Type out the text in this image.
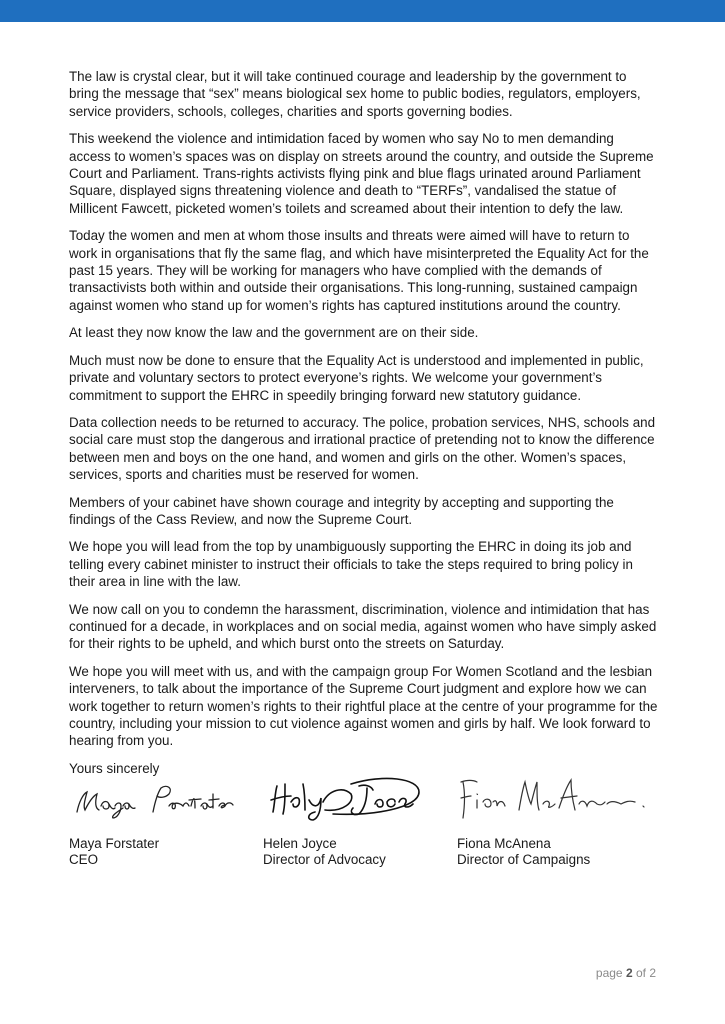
The law is crystal clear, but it will take continued courage and leadership by the government to bring the message that “sex” means biological sex home to public bodies, regulators, employers, service providers, schools, colleges, charities and sports governing bodies.

This weekend the violence and intimidation faced by women who say No to men demanding access to women’s spaces was on display on streets around the country, and outside the Supreme Court and Parliament. Trans-rights activists flying pink and blue flags urinated around Parliament Square, displayed signs threatening violence and death to “TERFs”, vandalised the statue of Millicent Fawcett, picketed women’s toilets and screamed about their intention to defy the law.

Today the women and men at whom those insults and threats were aimed will have to return to work in organisations that fly the same flag, and which have misinterpreted the Equality Act for the past 15 years. They will be working for managers who have complied with the demands of transactivists both within and outside their organisations. This long-running, sustained campaign against women who stand up for women’s rights has captured institutions around the country.

At least they now know the law and the government are on their side.

Much must now be done to ensure that the Equality Act is understood and implemented in public, private and voluntary sectors to protect everyone’s rights. We welcome your government’s commitment to support the EHRC in speedily bringing forward new statutory guidance.

Data collection needs to be returned to accuracy. The police, probation services, NHS, schools and social care must stop the dangerous and irrational practice of pretending not to know the difference between men and boys on the one hand, and women and girls on the other. Women’s spaces, services, sports and charities must be reserved for women.

Members of your cabinet have shown courage and integrity by accepting and supporting the findings of the Cass Review, and now the Supreme Court.

We hope you will lead from the top by unambiguously supporting the EHRC in doing its job and telling every cabinet minister to instruct their officials to take the steps required to bring policy in their area in line with the law.

We now call on you to condemn the harassment, discrimination, violence and intimidation that has continued for a decade, in workplaces and on social media, against women who have simply asked for their rights to be upheld, and which burst onto the streets on Saturday.

We hope you will meet with us, and with the campaign group For Women Scotland and the lesbian interveners, to talk about the importance of the Supreme Court judgment and explore how we can work together to return women’s rights to their rightful place at the centre of your programme for the country, including your mission to cut violence against women and girls by half. We look forward to hearing from you.

Yours sincerely

Maya Forstater

CEO

Helen Joyce

Director of Advocacy

Fiona McAnena

Director of Campaigns

page 2 of 2
